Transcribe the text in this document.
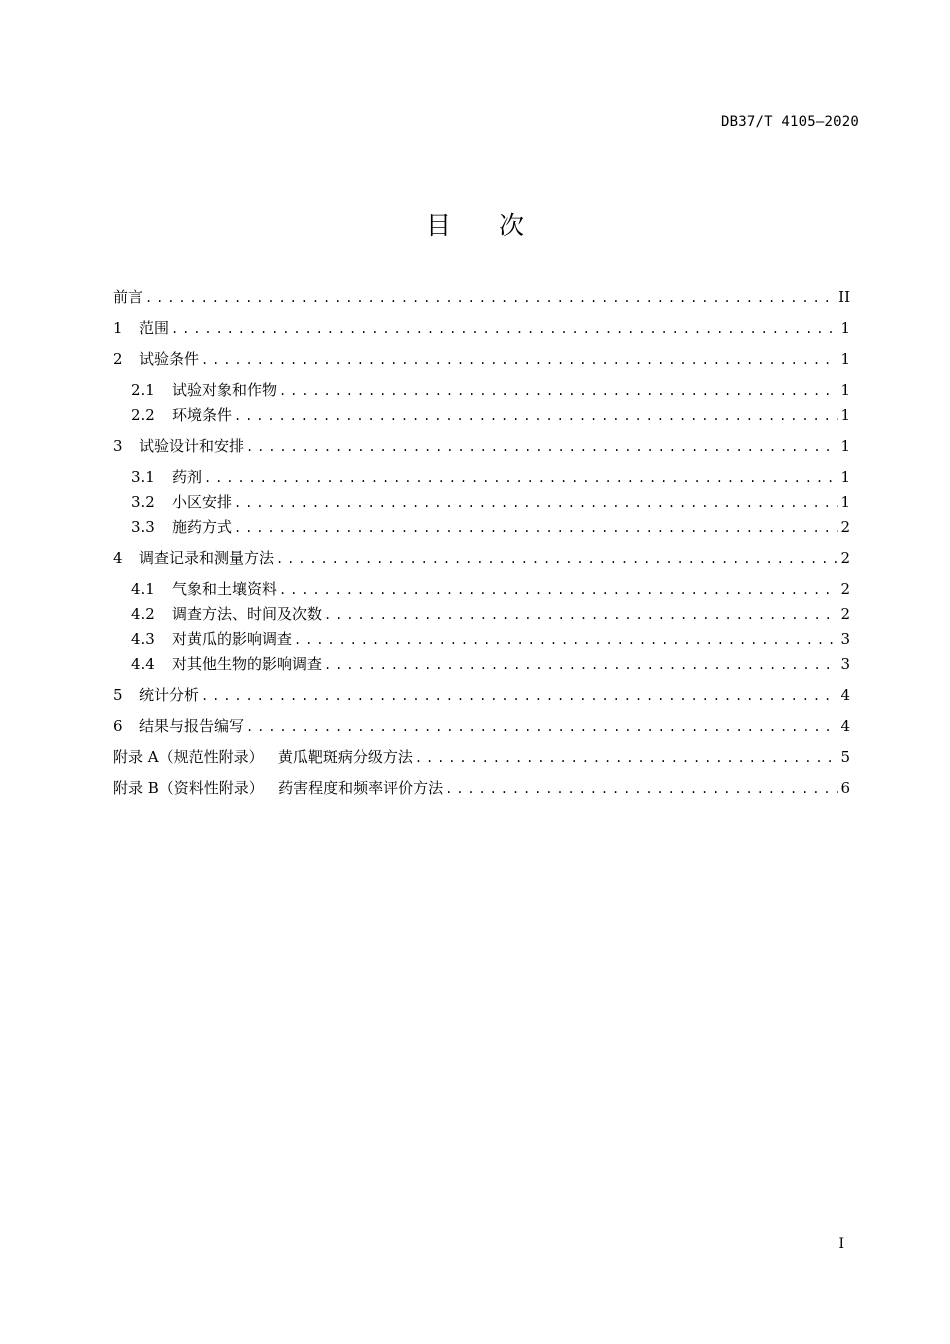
DB37/T 4105—2020
目 次
前言 .....	II
1	范围 .....	1
2	试验条件 .....	1
2.1	试验对象和作物 .....	1
2.2	环境条件 .....	1
3	试验设计和安排 .....	1
3.1	药剂 .....	1
3.2	小区安排 .....	1
3.3	施药方式 .....	2
4	调查记录和测量方法 .....	2
4.1	气象和土壤资料 .....	2
4.2	调查方法、时间及次数 .....	2
4.3	对黄瓜的影响调查 .....	3
4.4	对其他生物的影响调查 .....	3
5	统计分析 .....	4
6	结果与报告编写 .....	4
附录 A（规范性附录）   黄瓜靶斑病分级方法 .....	5
附录 B（资料性附录）   药害程度和频率评价方法 .....	6
I
